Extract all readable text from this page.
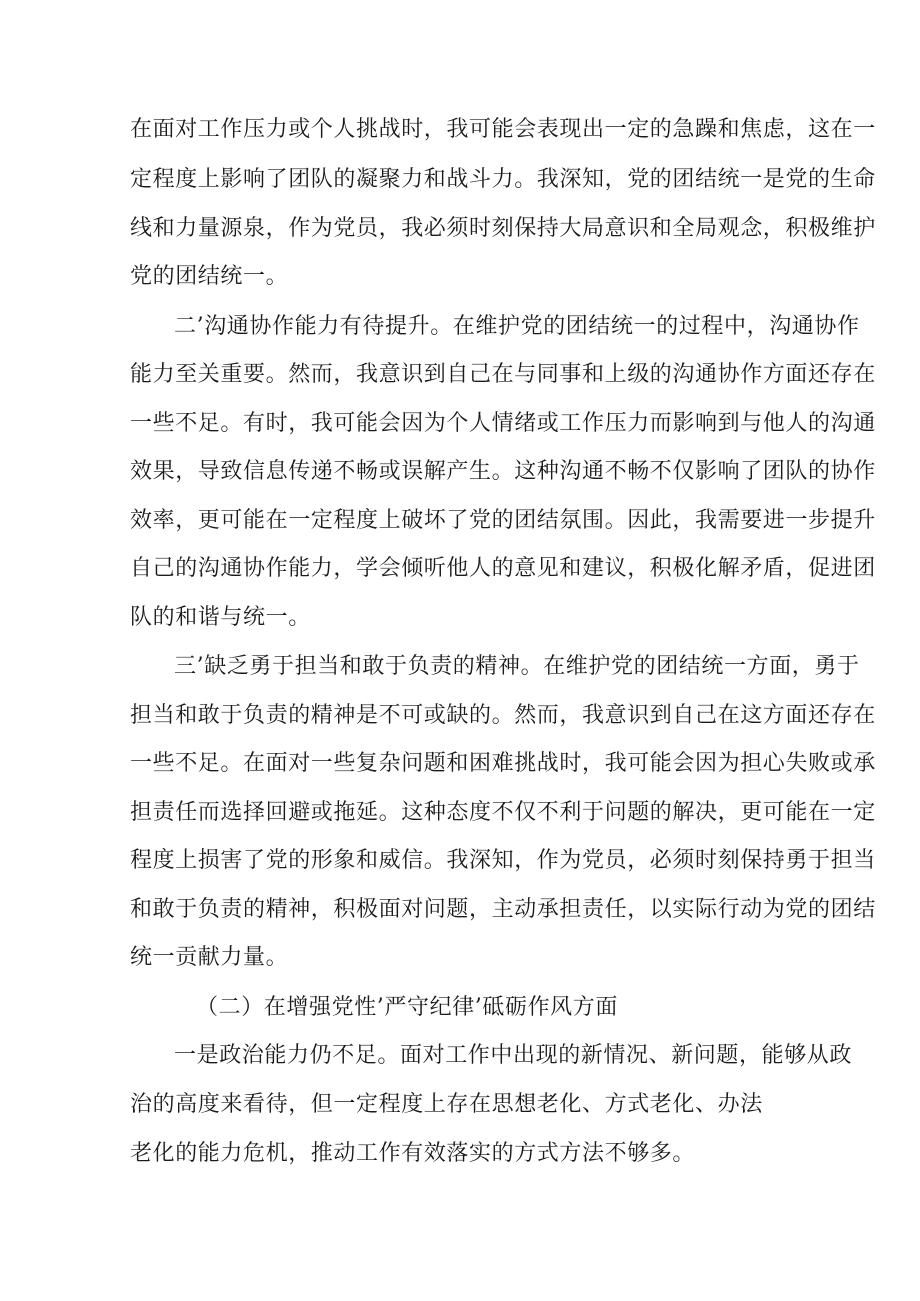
在面对工作压力或个人挑战时，我可能会表现出一定的急躁和焦虑，这在一
定程度上影响了团队的凝聚力和战斗力。我深知，党的团结统一是党的生命
线和力量源泉，作为党员，我必须时刻保持大局意识和全局观念，积极维护
党的团结统一。
二’沟通协作能力有待提升。在维护党的团结统一的过程中，沟通协作
能力至关重要。然而，我意识到自己在与同事和上级的沟通协作方面还存在
一些不足。有时，我可能会因为个人情绪或工作压力而影响到与他人的沟通
效果，导致信息传递不畅或误解产生。这种沟通不畅不仅影响了团队的协作
效率，更可能在一定程度上破坏了党的团结氛围。因此，我需要进一步提升
自己的沟通协作能力，学会倾听他人的意见和建议，积极化解矛盾，促进团
队的和谐与统一。
三’缺乏勇于担当和敢于负责的精神。在维护党的团结统一方面，勇于
担当和敢于负责的精神是不可或缺的。然而，我意识到自己在这方面还存在
一些不足。在面对一些复杂问题和困难挑战时，我可能会因为担心失败或承
担责任而选择回避或拖延。这种态度不仅不利于问题的解决，更可能在一定
程度上损害了党的形象和威信。我深知，作为党员，必须时刻保持勇于担当
和敢于负责的精神，积极面对问题，主动承担责任，以实际行动为党的团结
统一贡献力量。
（二）在增强党性’严守纪律’砥砺作风方面
一是政治能力仍不足。面对工作中出现的新情况、新问题，能够从政
治的高度来看待，但一定程度上存在思想老化、方式老化、办法
老化的能力危机，推动工作有效落实的方式方法不够多。
